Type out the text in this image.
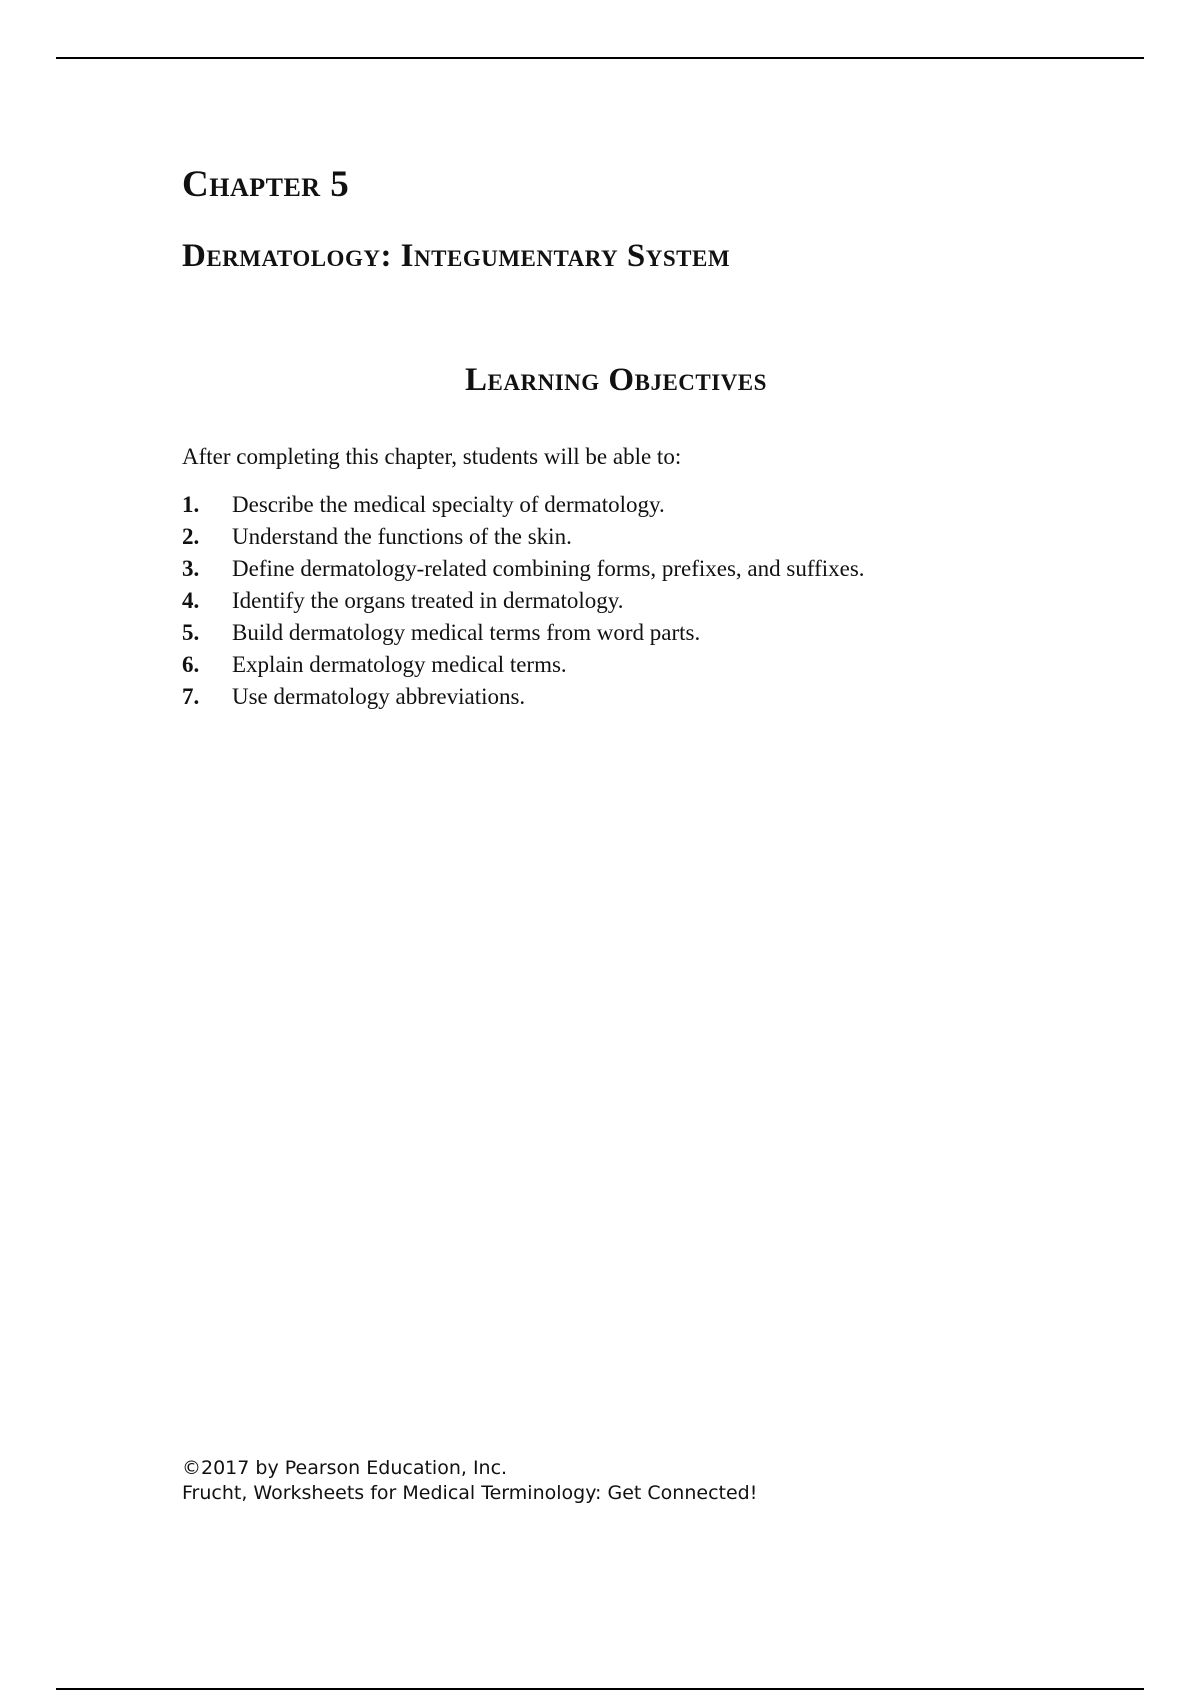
Chapter 5
Dermatology: Integumentary System
Learning Objectives
After completing this chapter, students will be able to:
1.	Describe the medical specialty of dermatology.
2.	Understand the functions of the skin.
3.	Define dermatology-related combining forms, prefixes, and suffixes.
4.	Identify the organs treated in dermatology.
5.	Build dermatology medical terms from word parts.
6.	Explain dermatology medical terms.
7.	Use dermatology abbreviations.
©2017 by Pearson Education, Inc.
Frucht, Worksheets for Medical Terminology: Get Connected!
